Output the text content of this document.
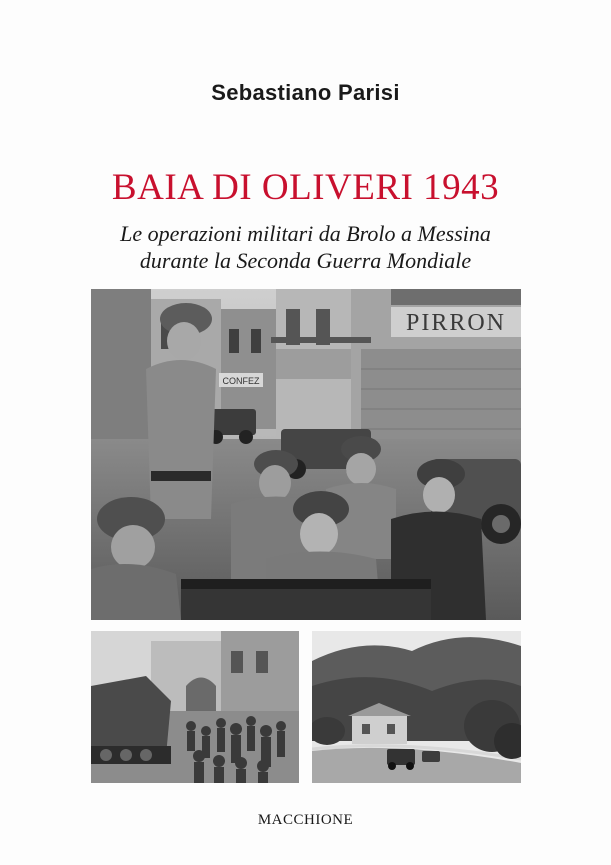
Sebastiano Parisi
BAIA DI OLIVERI 1943
Le operazioni militari da Brolo a Messina
durante la Seconda Guerra Mondiale
CONFEZ
PIRRON
MACCHIONE
